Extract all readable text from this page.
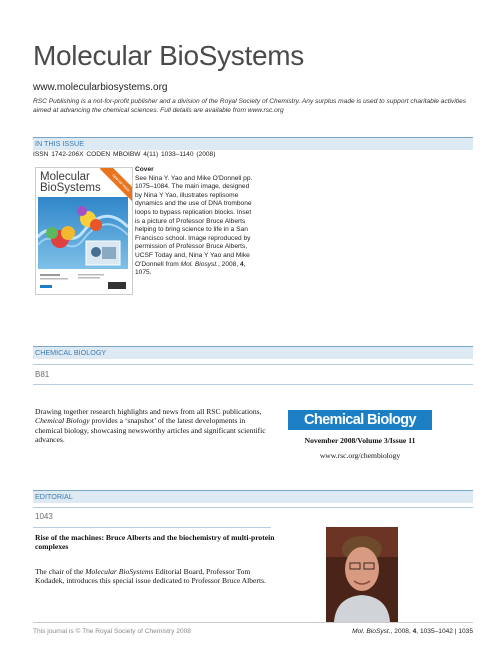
Molecular BioSystems
www.molecularbiosystems.org
RSC Publishing is a not-for-profit publisher and a division of the Royal Society of Chemistry. Any surplus made is used to support charitable activities aimed at advancing the chemical sciences. Full details are available from www.rsc.org
IN THIS ISSUE
ISSN 1742-206X CODEN MBOIBW 4(11) 1033–1140 (2008)
Molecular BioSystems	Special issue
Cover
See Nina Y. Yao and Mike O'Donnell pp. 1075–1084. The main image, designed by Nina Y Yao, illustrates replisome dynamics and the use of DNA trombone loops to bypass replication blocks. Inset is a picture of Professor Bruce Alberts helping to bring science to life in a San Francisco school. Image reproduced by permission of Professor Bruce Alberts, UCSF Today and, Nina Y Yao and Mike O'Donnell from Mol. Biosyst., 2008, 4, 1075.
CHEMICAL BIOLOGY
B81
Drawing together research highlights and news from all RSC publications, Chemical Biology provides a ‘snapshot’ of the latest developments in chemical biology, showcasing newsworthy articles and significant scientific advances.
Chemical Biology
November 2008/Volume 3/Issue 11
www.rsc.org/chembiology
EDITORIAL
1043
Rise of the machines: Bruce Alberts and the biochemistry of multi-protein complexes
The chair of the Molecular BioSystems Editorial Board, Professor Tom Kodadek, introduces this special issue dedicated to Professor Bruce Alberts.
This journal is © The Royal Society of Chemistry 2008	Mol. BioSyst., 2008, 4, 1035–1042 | 1035
